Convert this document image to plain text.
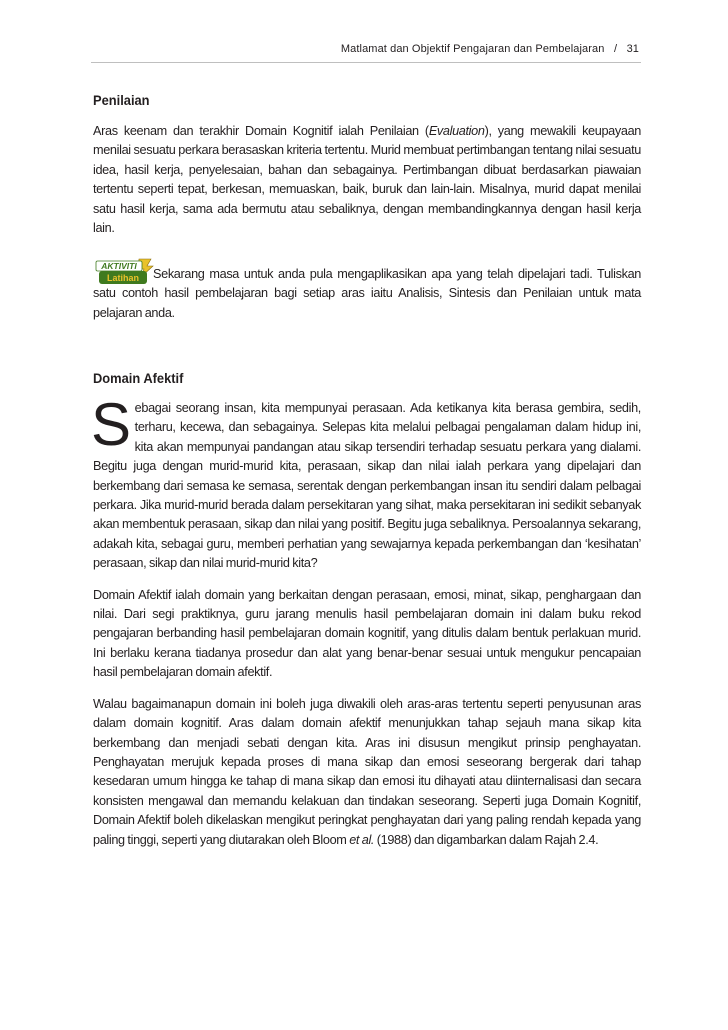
Matlamat dan Objektif Pengajaran dan Pembelajaran / 31
Penilaian

Aras keenam dan terakhir Domain Kognitif ialah Penilaian (Evaluation), yang mewakili keupayaan menilai sesuatu perkara berasaskan kriteria tertentu. Murid membuat pertimbangan tentang nilai sesuatu idea, hasil kerja, penyelesaian, bahan dan sebagainya. Pertimbangan dibuat berdasarkan piawaian tertentu seperti tepat, berkesan, memuaskan, baik, buruk dan lain-lain. Misalnya, murid dapat menilai satu hasil kerja, sama ada bermutu atau sebaliknya, dengan membandingkannya dengan hasil kerja lain.

AKTIVITI
Latihan	Sekarang masa untuk anda pula mengaplikasikan apa yang telah dipelajari tadi. Tuliskan satu contoh hasil pembelajaran bagi setiap aras iaitu Analisis, Sintesis dan Penilaian untuk mata pelajaran anda.

Domain Afektif

Sebagai seorang insan, kita mempunyai perasaan. Ada ketikanya kita berasa gembira, sedih, terharu, kecewa, dan sebagainya. Selepas kita melalui pelbagai pengalaman dalam hidup ini, kita akan mempunyai pandangan atau sikap tersendiri terhadap sesuatu perkara yang dialami. Begitu juga dengan murid-murid kita, perasaan, sikap dan nilai ialah perkara yang dipelajari dan berkembang dari semasa ke semasa, serentak dengan perkembangan insan itu sendiri dalam pelbagai perkara. Jika murid-murid berada dalam persekitaran yang sihat, maka persekitaran ini sedikit sebanyak akan membentuk perasaan, sikap dan nilai yang positif. Begitu juga sebaliknya. Persoalannya sekarang, adakah kita, sebagai guru, memberi perhatian yang sewajarnya kepada perkembangan dan ‘kesihatan’ perasaan, sikap dan nilai murid-murid kita?

Domain Afektif ialah domain yang berkaitan dengan perasaan, emosi, minat, sikap, penghargaan dan nilai. Dari segi praktiknya, guru jarang menulis hasil pembelajaran domain ini dalam buku rekod pengajaran berbanding hasil pembelajaran domain kognitif, yang ditulis dalam bentuk perlakuan murid. Ini berlaku kerana tiadanya prosedur dan alat yang benar-benar sesuai untuk mengukur pencapaian hasil pembelajaran domain afektif.

Walau bagaimanapun domain ini boleh juga diwakili oleh aras-aras tertentu seperti penyusunan aras dalam domain kognitif. Aras dalam domain afektif menunjukkan tahap sejauh mana sikap kita berkembang dan menjadi sebati dengan kita. Aras ini disusun mengikut prinsip penghayatan. Penghayatan merujuk kepada proses di mana sikap dan emosi seseorang bergerak dari tahap kesedaran umum hingga ke tahap di mana sikap dan emosi itu dihayati atau diinternalisasi dan secara konsisten mengawal dan memandu kelakuan dan tindakan seseorang. Seperti juga Domain Kognitif, Domain Afektif boleh dikelaskan mengikut peringkat penghayatan dari yang paling rendah kepada yang paling tinggi, seperti yang diutarakan oleh Bloom et al. (1988) dan digambarkan dalam Rajah 2.4.
